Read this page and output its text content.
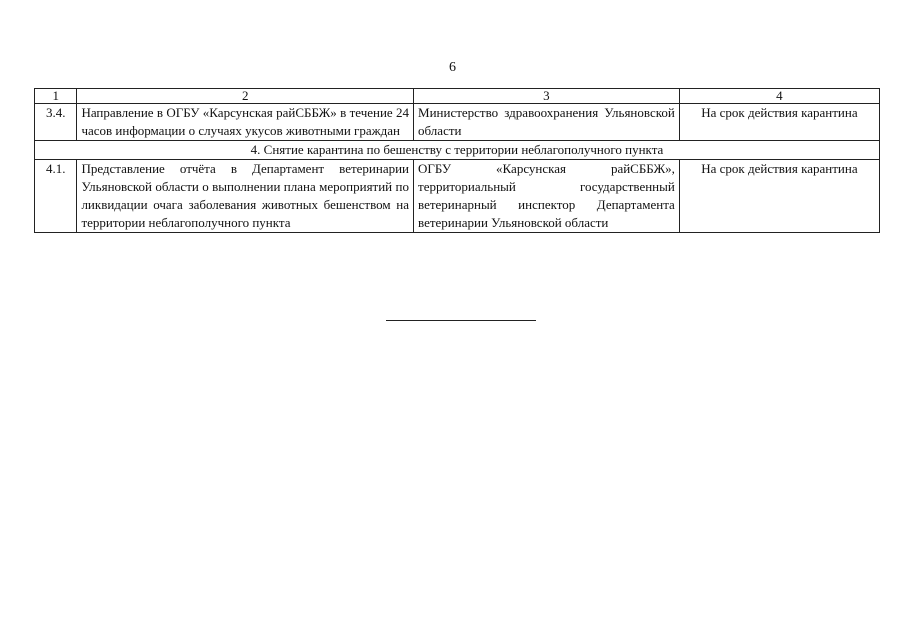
6
1	2	3	4
3.4.	Направление в ОГБУ «Карсунская райСББЖ» в течение 24 часов информации о случаях укусов животными граждан	Министерство здравоохранения Ульяновской области	На срок действия карантина
4. Снятие карантина по бешенству с территории неблагополучного пункта			
4.1.	Представление отчёта в Департамент ветеринарии Ульяновской области о выполнении плана мероприятий по ликвидации очага заболевания животных бешенством на территории неблагополучного пункта	ОГБУ «Карсунская райСББЖ», территориальный государственный ветеринарный инспектор Департамента ветеринарии Ульяновской области	На срок действия карантина
